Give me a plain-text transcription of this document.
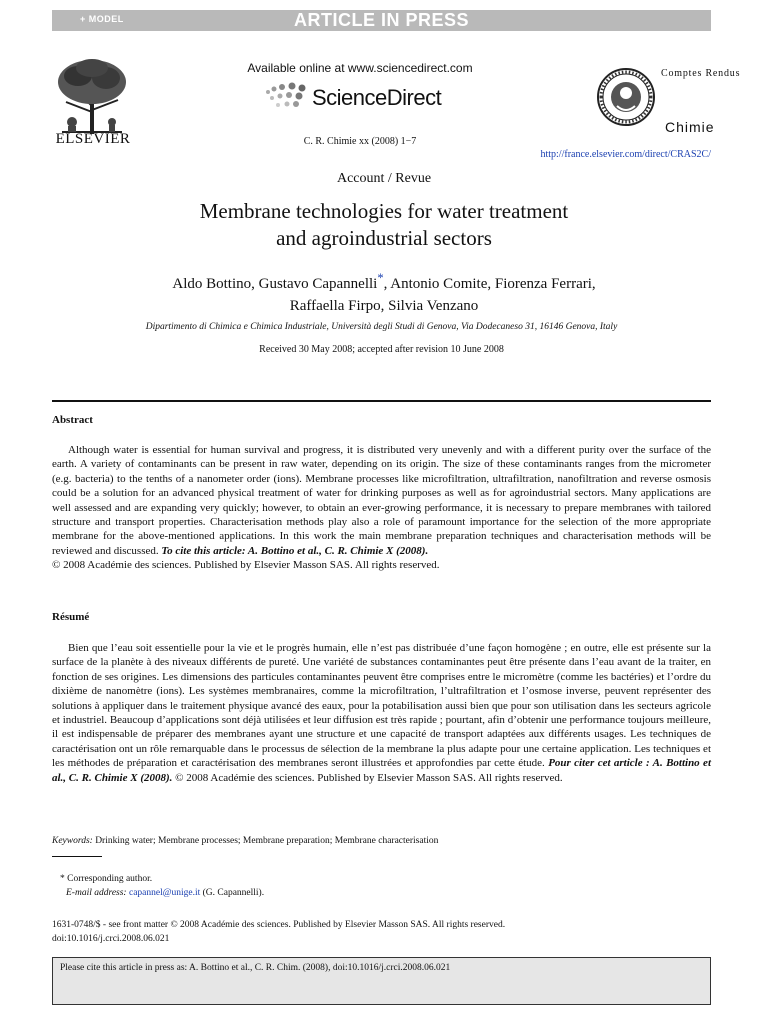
+ MODEL	ARTICLE IN PRESS
ELSEVIER
Available online at www.sciencedirect.com
ScienceDirect
C. R. Chimie xx (2008) 1−7
Comptes Rendus
Chimie
http://france.elsevier.com/direct/CRAS2C/
Account / Revue
Membrane technologies for water treatment
and agroindustrial sectors
Aldo Bottino, Gustavo Capannelli*, Antonio Comite, Fiorenza Ferrari,
Raffaella Firpo, Silvia Venzano
Dipartimento di Chimica e Chimica Industriale, Università degli Studi di Genova, Via Dodecaneso 31, 16146 Genova, Italy
Received 30 May 2008; accepted after revision 10 June 2008
Abstract

Although water is essential for human survival and progress, it is distributed very unevenly and with a different purity over the surface of the earth. A variety of contaminants can be present in raw water, depending on its origin. The size of these contaminants ranges from the micrometer (e.g. bacteria) to the tenths of a nanometer order (ions). Membrane processes like microfiltration, ultrafiltration, nanofiltration and reverse osmosis could be a solution for an advanced physical treatment of water for drinking purposes as well as for agroindustrial sectors. Many applications are well assessed and are expanding very quickly; however, to obtain an ever-growing performance, it is necessary to prepare membranes with tailored structure and transport properties. Characterisation methods play also a role of paramount importance for the selection of the more appropriate membrane for the above-mentioned applications. In this work the main membrane preparation techniques and characterisation methods will be reviewed and discussed. To cite this article: A. Bottino et al., C. R. Chimie X (2008).

© 2008 Académie des sciences. Published by Elsevier Masson SAS. All rights reserved.

Résumé

Bien que l’eau soit essentielle pour la vie et le progrès humain, elle n’est pas distribuée d’une façon homogène ; en outre, elle est présente sur la surface de la planète à des niveaux différents de pureté. Une variété de substances contaminantes peut être présente dans l’eau avant de la traiter, en fonction de ses origines. Les dimensions des particules contaminantes peuvent être comprises entre le micromètre (comme les bactéries) et l’ordre du dixième de nanomètre (ions). Les systèmes membranaires, comme la microfiltration, l’ultrafiltration et l’osmose inverse, peuvent représenter des solutions à appliquer dans le traitement physique avancé des eaux, pour la potabilisation aussi bien que pour son utilisation dans les secteurs agricole et industriel. Beaucoup d’applications sont déjà utilisées et leur diffusion est très rapide ; pourtant, afin d’obtenir une performance toujours meilleure, il est indispensable de préparer des membranes ayant une structure et une capacité de transport adaptées aux différents usages. Les techniques de caractérisation ont un rôle remarquable dans le processus de sélection de la membrane la plus adapte pour une certaine application. Les techniques et les méthodes de préparation et caractérisation des membranes seront illustrées et approfondies par cette étude. Pour citer cet article : A. Bottino et al., C. R. Chimie X (2008). © 2008 Académie des sciences. Published by Elsevier Masson SAS. All rights reserved.

Keywords: Drinking water; Membrane processes; Membrane preparation; Membrane characterisation
* Corresponding author.
E-mail address: capannel@unige.it (G. Capannelli).
1631-0748/$ - see front matter © 2008 Académie des sciences. Published by Elsevier Masson SAS. All rights reserved.
doi:10.1016/j.crci.2008.06.021
Please cite this article in press as: A. Bottino et al., C. R. Chim. (2008), doi:10.1016/j.crci.2008.06.021
